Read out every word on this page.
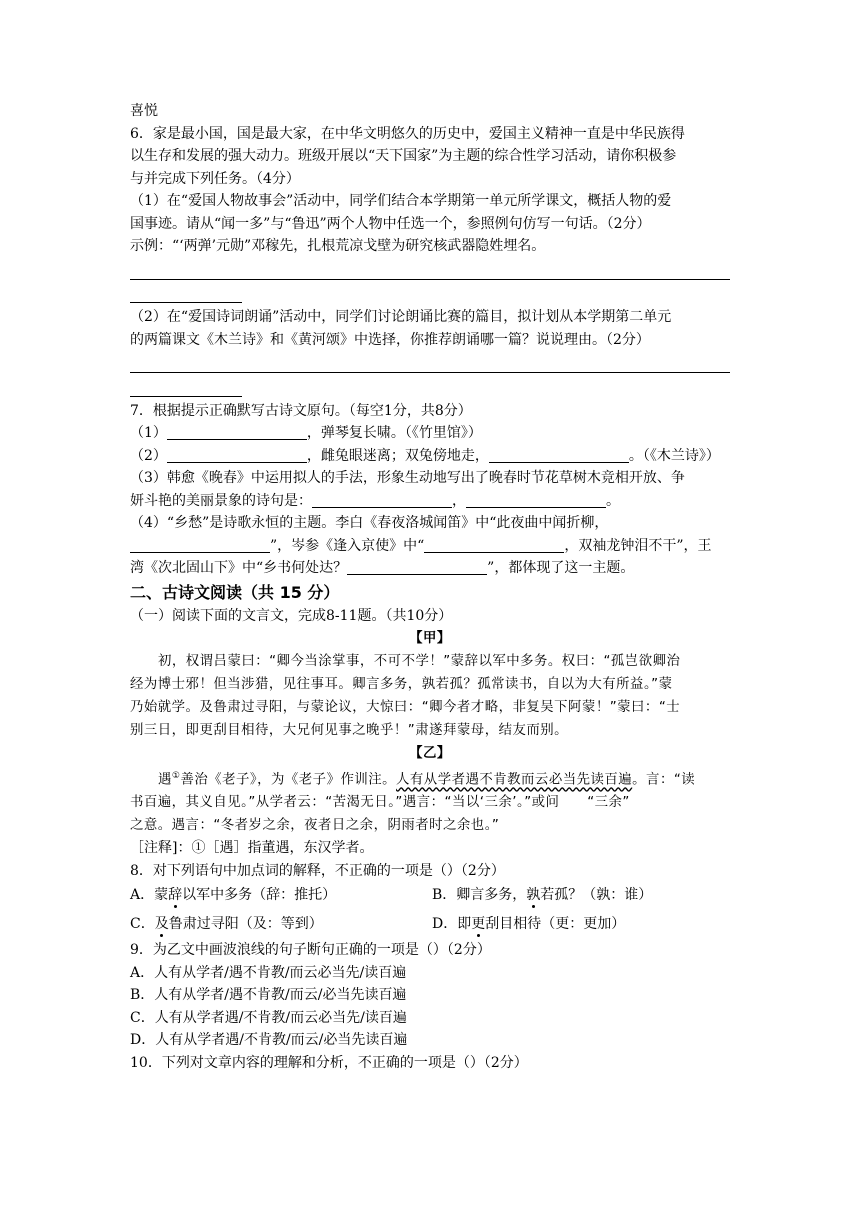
喜悦
6．家是最小国，国是最大家，在中华文明悠久的历史中，爱国主义精神一直是中华民族得
以生存和发展的强大动力。班级开展以“天下国家”为主题的综合性学习活动，请你积极参
与并完成下列任务。（4分）
（1）在“爱国人物故事会”活动中，同学们结合本学期第一单元所学课文，概括人物的爱
国事迹。请从“闻一多”与“鲁迅”两个人物中任选一个，参照例句仿写一句话。（2分）
示例：“‘两弹’元勋”邓稼先，扎根荒凉戈壁为研究核武器隐姓埋名。
（2）在“爱国诗词朗诵”活动中，同学们讨论朗诵比赛的篇目，拟计划从本学期第二单元
的两篇课文《木兰诗》和《黄河颂》中选择，你推荐朗诵哪一篇？说说理由。（2分）
7．根据提示正确默写古诗文原句。（每空1分，共8分）
（1）	，弹琴复长啸。（《竹里馆》）
（2）	，雌兔眼迷离；双兔傍地走，	。（《木兰诗》）
（3）韩愈《晚春》中运用拟人的手法，形象生动地写出了晚春时节花草树木竞相开放、争
妍斗艳的美丽景象的诗句是：	，	。
（4）“乡愁”是诗歌永恒的主题。李白《春夜洛城闻笛》中“此夜曲中闻折柳，
”，岑参《逢入京使》中“	，双袖龙钟泪不干”，王
湾《次北固山下》中“乡书何处达？	”，都体现了这一主题。
二、古诗文阅读（共 15 分）
（一）阅读下面的文言文，完成8-11题。（共10分）
【甲】
初，权谓吕蒙曰：“卿今当涂掌事，不可不学！”蒙辞以军中多务。权曰：“孤岂欲卿治
经为博士邪！但当涉猎，见往事耳。卿言多务，孰若孤？孤常读书，自以为大有所益。”蒙
乃始就学。及鲁肃过寻阳，与蒙论议，大惊曰：“卿今者才略，非复吴下阿蒙！”蒙曰：“士
别三日，即更刮目相待，大兄何见事之晚乎！”肃遂拜蒙母，结友而别。
【乙】
遇①善治《老子》，为《老子》作训注。人有从学者遇不肯教而云必当先读百遍。言：“读
书百遍，其义自见。”从学者云：“苦渴无日。”遇言：“当以‘三余’。”或问　　“三余”
之意。遇言：“冬者岁之余，夜者日之余，阴雨者时之余也。”
［注释]：①［遇］指董遇，东汉学者。
8．对下列语句中加点词的解释，不正确的一项是（）（2分）
A．蒙辞以军中多务（辞：推托）	B．卿言多务，孰若孤？（孰：谁）
C．及鲁肃过寻阳（及：等到）	D．即更刮目相待（更：更加）
9．为乙文中画波浪线的句子断句正确的一项是（）（2分）
A．人有从学者/遇不肯教/而云必当先/读百遍
B．人有从学者/遇不肯教/而云/必当先读百遍
C．人有从学者遇/不肯教/而云必当先/读百遍
D．人有从学者遇/不肯教/而云/必当先读百遍
10．下列对文章内容的理解和分析，不正确的一项是（）（2分）
